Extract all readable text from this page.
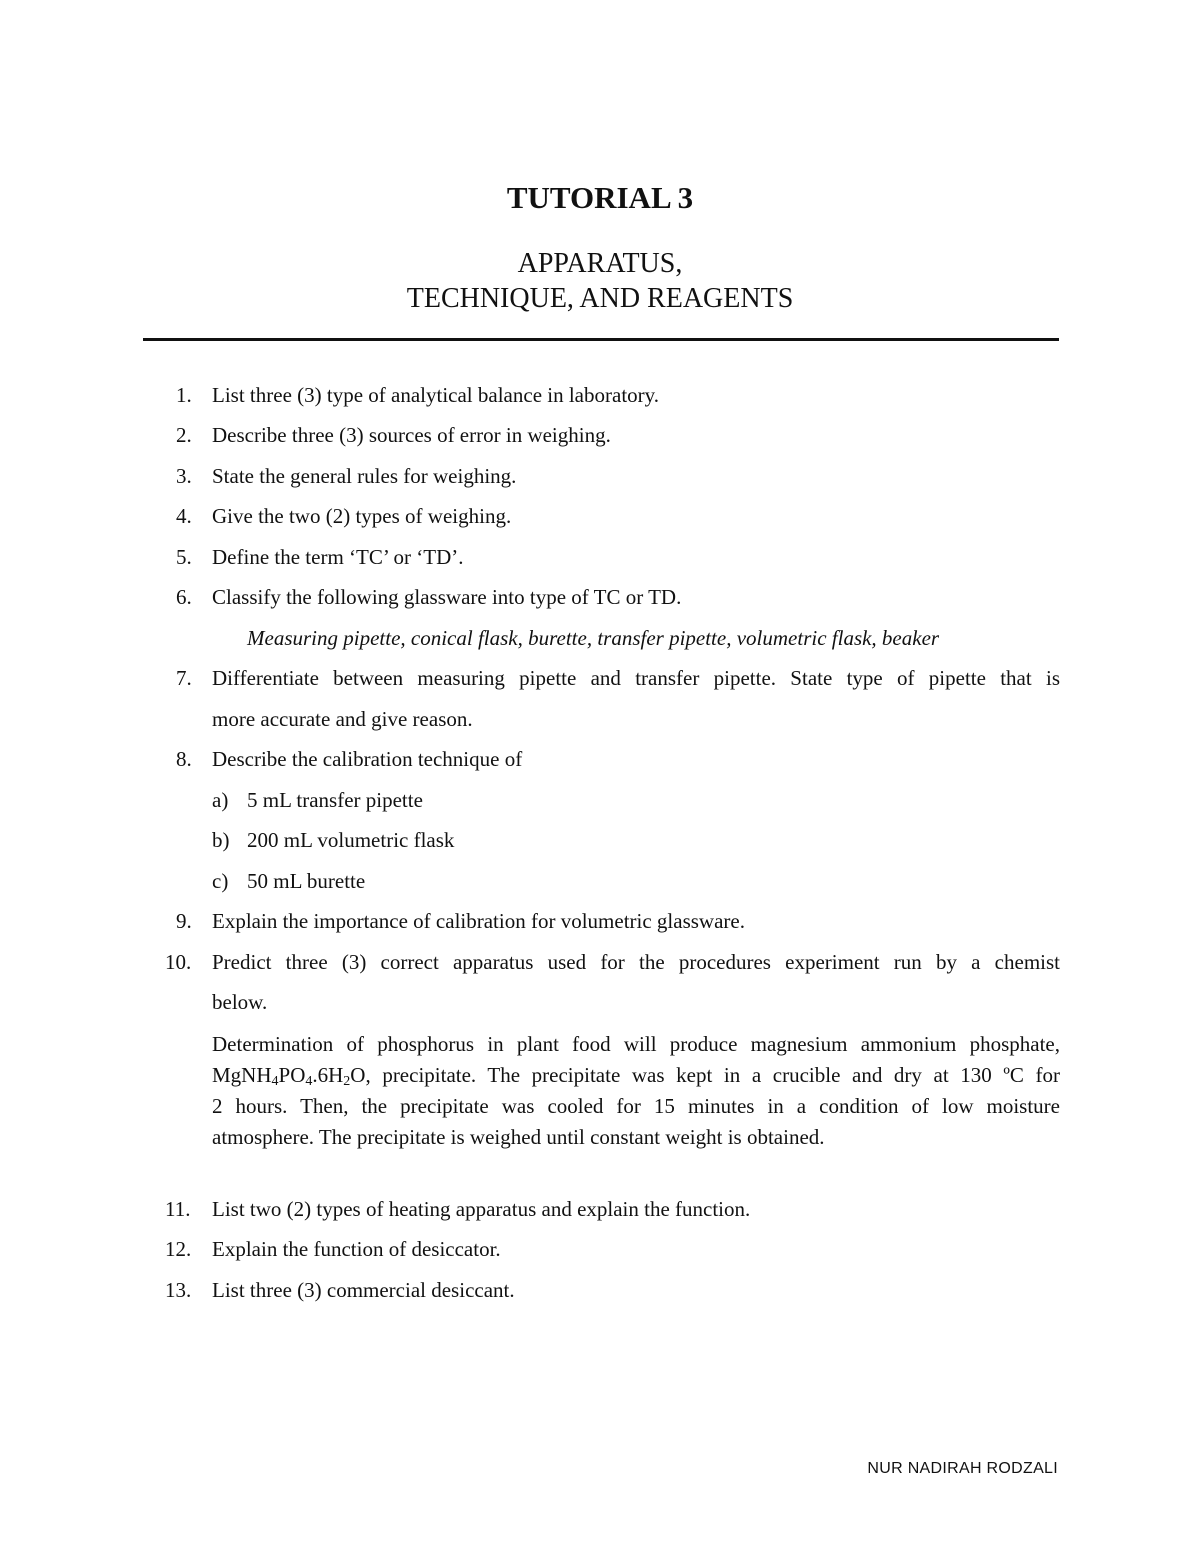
TUTORIAL 3

APPARATUS,

TECHNIQUE, AND REAGENTS

1. List three (3) type of analytical balance in laboratory.
2. Describe three (3) sources of error in weighing.
3. State the general rules for weighing.
4. Give the two (2) types of weighing.
5. Define the term ‘TC’ or ‘TD’.
6. Classify the following glassware into type of TC or TD.
Measuring pipette, conical flask, burette, transfer pipette, volumetric flask, beaker
7. Differentiate between measuring pipette and transfer pipette. State type of pipette that is
more accurate and give reason.
8. Describe the calibration technique of
a) 5 mL transfer pipette
b) 200 mL volumetric flask
c) 50 mL burette
9. Explain the importance of calibration for volumetric glassware.
10. Predict three (3) correct apparatus used for the procedures experiment run by a chemist
below.
Determination of phosphorus in plant food will produce magnesium ammonium phosphate,
$MgNH_4PO_4.6H_2O$, precipitate. The precipitate was kept in a crucible and dry at 130 ºC for
2 hours. Then, the precipitate was cooled for 15 minutes in a condition of low moisture
atmosphere. The precipitate is weighed until constant weight is obtained.
11. List two (2) types of heating apparatus and explain the function.
12. Explain the function of desiccator.
13. List three (3) commercial desiccant.
NUR NADIRAH RODZALI
